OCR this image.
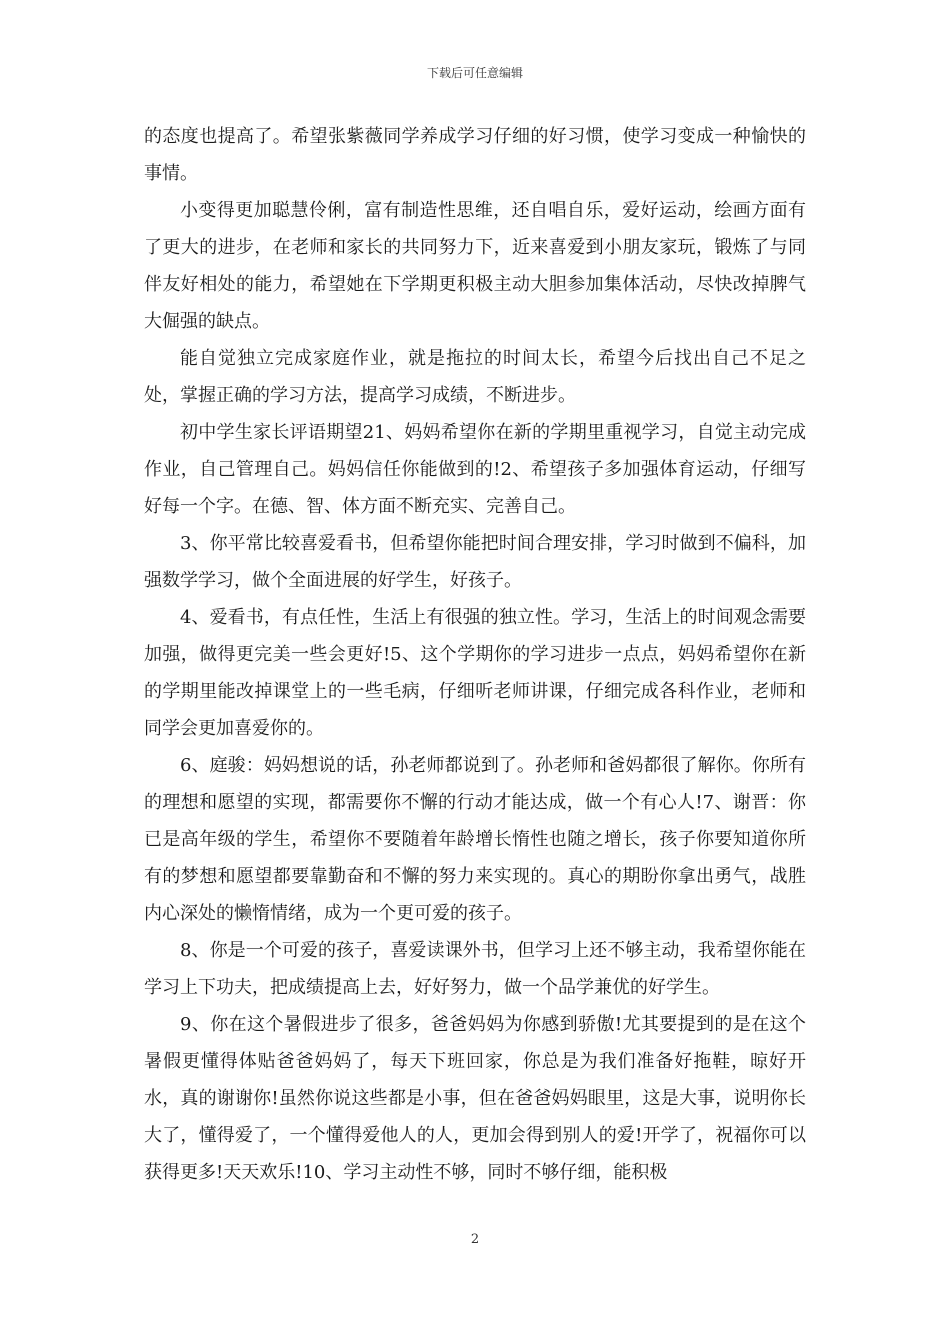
下载后可任意编辑

的态度也提高了。希望张紫薇同学养成学习仔细的好习惯，使学习变成一种愉快的事情。

小变得更加聪慧伶俐，富有制造性思维，还自唱自乐，爱好运动，绘画方面有了更大的进步，在老师和家长的共同努力下，近来喜爱到小朋友家玩，锻炼了与同伴友好相处的能力，希望她在下学期更积极主动大胆参加集体活动，尽快改掉脾气大倔强的缺点。

能自觉独立完成家庭作业，就是拖拉的时间太长，希望今后找出自己不足之处，掌握正确的学习方法，提高学习成绩，不断进步。

初中学生家长评语期望21、妈妈希望你在新的学期里重视学习，自觉主动完成作业，自己管理自己。妈妈信任你能做到的!2、希望孩子多加强体育运动，仔细写好每一个字。在德、智、体方面不断充实、完善自己。

3、你平常比较喜爱看书，但希望你能把时间合理安排，学习时做到不偏科，加强数学学习，做个全面进展的好学生，好孩子。

4、爱看书，有点任性，生活上有很强的独立性。学习，生活上的时间观念需要加强，做得更完美一些会更好!5、这个学期你的学习进步一点点，妈妈希望你在新的学期里能改掉课堂上的一些毛病，仔细听老师讲课，仔细完成各科作业，老师和同学会更加喜爱你的。

6、庭骏：妈妈想说的话，孙老师都说到了。孙老师和爸妈都很了解你。你所有的理想和愿望的实现，都需要你不懈的行动才能达成，做一个有心人!7、谢晋：你已是高年级的学生，希望你不要随着年龄增长惰性也随之增长，孩子你要知道你所有的梦想和愿望都要靠勤奋和不懈的努力来实现的。真心的期盼你拿出勇气，战胜内心深处的懒惰情绪，成为一个更可爱的孩子。

8、你是一个可爱的孩子，喜爱读课外书，但学习上还不够主动，我希望你能在学习上下功夫，把成绩提高上去，好好努力，做一个品学兼优的好学生。

9、你在这个暑假进步了很多，爸爸妈妈为你感到骄傲!尤其要提到的是在这个暑假更懂得体贴爸爸妈妈了，每天下班回家，你总是为我们准备好拖鞋，晾好开水，真的谢谢你!虽然你说这些都是小事，但在爸爸妈妈眼里，这是大事，说明你长大了，懂得爱了，一个懂得爱他人的人，更加会得到别人的爱!开学了，祝福你可以获得更多!天天欢乐!10、学习主动性不够，同时不够仔细，能积极

2
